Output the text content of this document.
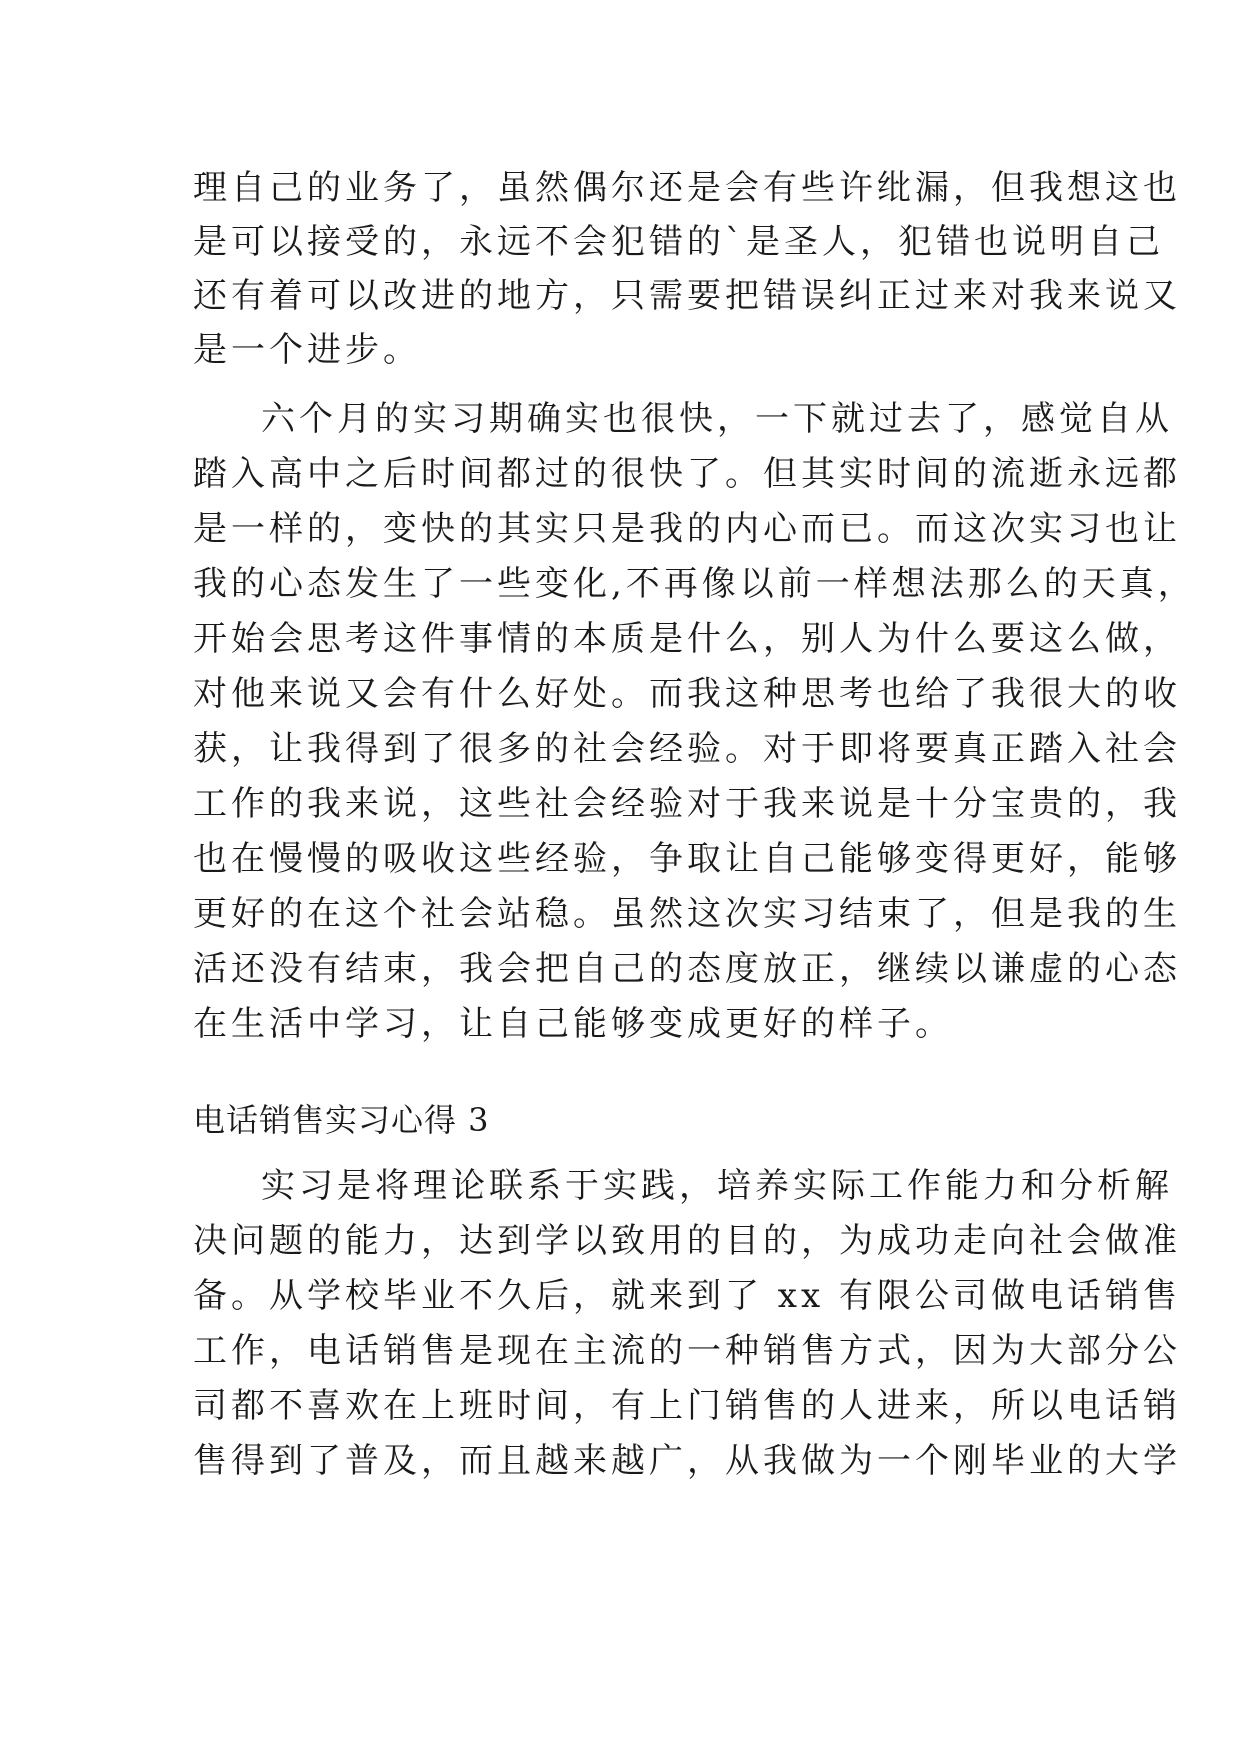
理自己的业务了，虽然偶尔还是会有些许纰漏，但我想这也
是可以接受的，永远不会犯错的`是圣人，犯错也说明自己
还有着可以改进的地方，只需要把错误纠正过来对我来说又
是一个进步。
六个月的实习期确实也很快，一下就过去了，感觉自从
踏入高中之后时间都过的很快了。但其实时间的流逝永远都
是一样的，变快的其实只是我的内心而已。而这次实习也让
我的心态发生了一些变化,不再像以前一样想法那么的天真，
开始会思考这件事情的本质是什么，别人为什么要这么做，
对他来说又会有什么好处。而我这种思考也给了我很大的收
获，让我得到了很多的社会经验。对于即将要真正踏入社会
工作的我来说，这些社会经验对于我来说是十分宝贵的，我
也在慢慢的吸收这些经验，争取让自己能够变得更好，能够
更好的在这个社会站稳。虽然这次实习结束了，但是我的生
活还没有结束，我会把自己的态度放正，继续以谦虚的心态
在生活中学习，让自己能够变成更好的样子。
电话销售实习心得 3
实习是将理论联系于实践，培养实际工作能力和分析解
决问题的能力，达到学以致用的目的，为成功走向社会做准
备。从学校毕业不久后，就来到了 xx 有限公司做电话销售
工作，电话销售是现在主流的一种销售方式，因为大部分公
司都不喜欢在上班时间，有上门销售的人进来，所以电话销
售得到了普及，而且越来越广，从我做为一个刚毕业的大学
